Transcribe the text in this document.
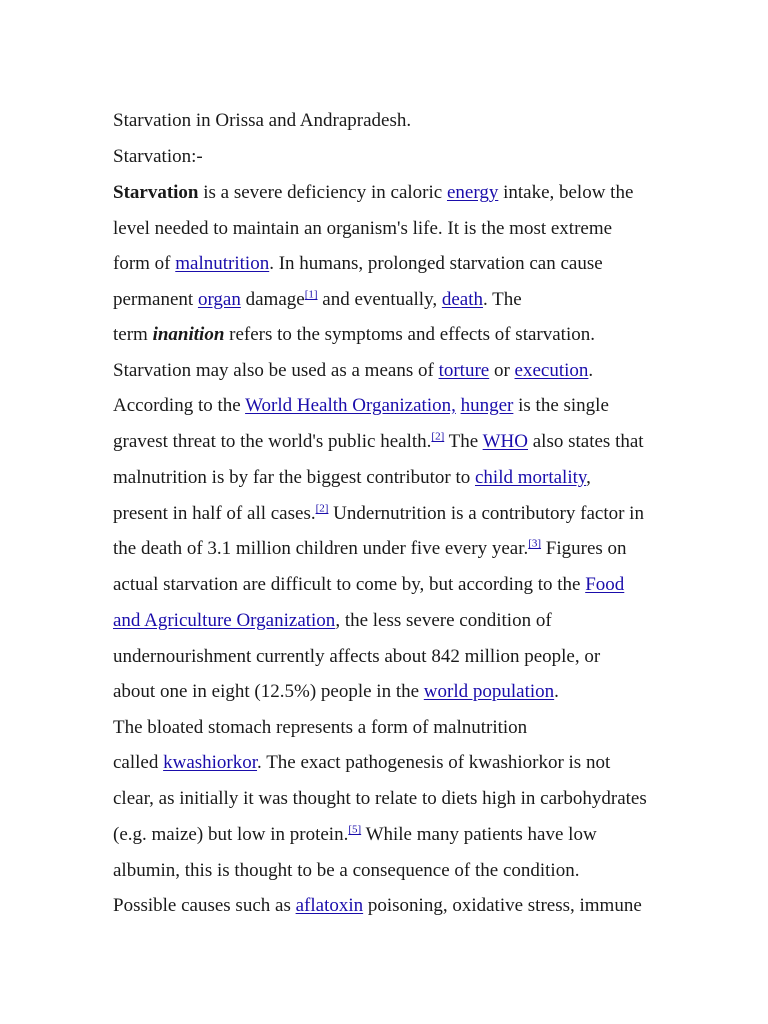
Starvation in Orissa and Andrapradesh.
Starvation:-
Starvation is a severe deficiency in caloric energy intake, below the
level needed to maintain an organism's life. It is the most extreme
form of malnutrition. In humans, prolonged starvation can cause
permanent organ damage[1] and eventually, death. The
term inanition refers to the symptoms and effects of starvation.
Starvation may also be used as a means of torture or execution.
According to the World Health Organization, hunger is the single
gravest threat to the world's public health.[2] The WHO also states that
malnutrition is by far the biggest contributor to child mortality,
present in half of all cases.[2] Undernutrition is a contributory factor in
the death of 3.1 million children under five every year.[3] Figures on
actual starvation are difficult to come by, but according to the Food
and Agriculture Organization, the less severe condition of
undernourishment currently affects about 842 million people, or
about one in eight (12.5%) people in the world population.
The bloated stomach represents a form of malnutrition
called kwashiorkor. The exact pathogenesis of kwashiorkor is not
clear, as initially it was thought to relate to diets high in carbohydrates
(e.g. maize) but low in protein.[5] While many patients have low
albumin, this is thought to be a consequence of the condition.
Possible causes such as aflatoxin poisoning, oxidative stress, immune
